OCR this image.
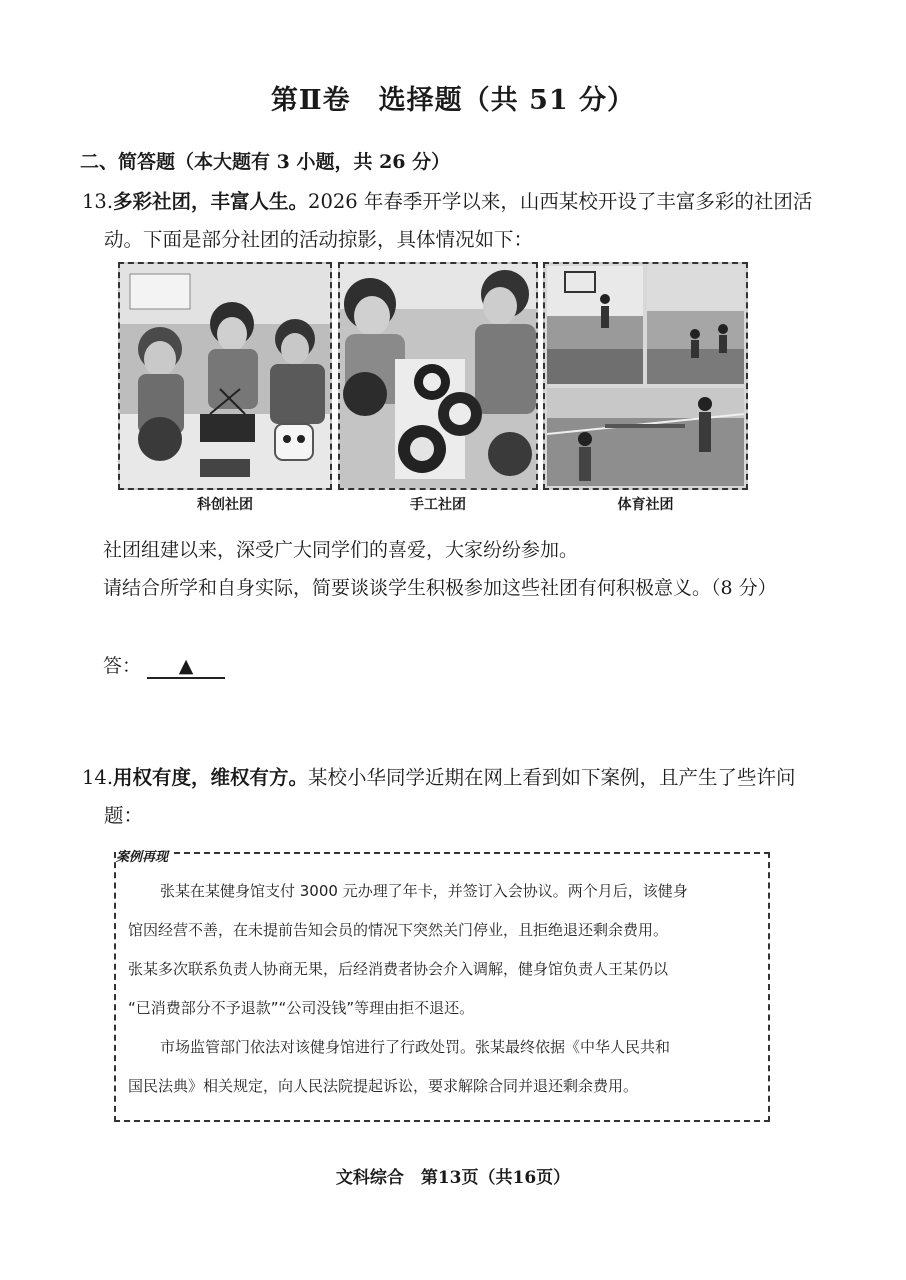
第Ⅱ卷　选择题（共 51 分）
二、简答题（本大题有 3 小题，共 26 分）
13.多彩社团，丰富人生。2026 年春季开学以来，山西某校开设了丰富多彩的社团活
动。下面是部分社团的活动掠影，具体情况如下：
科创社团	手工社团	体育社团
社团组建以来，深受广大同学们的喜爱，大家纷纷参加。
请结合所学和自身实际，简要谈谈学生积极参加这些社团有何积极意义。（8 分）
答： ▲
14.用权有度，维权有方。某校小华同学近期在网上看到如下案例，且产生了些许问
题：
案例再现
张某在某健身馆支付 3000 元办理了年卡，并签订入会协议。两个月后，该健身
馆因经营不善，在未提前告知会员的情况下突然关门停业，且拒绝退还剩余费用。
张某多次联系负责人协商无果，后经消费者协会介入调解，健身馆负责人王某仍以
“已消费部分不予退款”“公司没钱”等理由拒不退还。
市场监管部门依法对该健身馆进行了行政处罚。张某最终依据《中华人民共和
国民法典》相关规定，向人民法院提起诉讼，要求解除合同并退还剩余费用。
文科综合　第13页（共16页）
